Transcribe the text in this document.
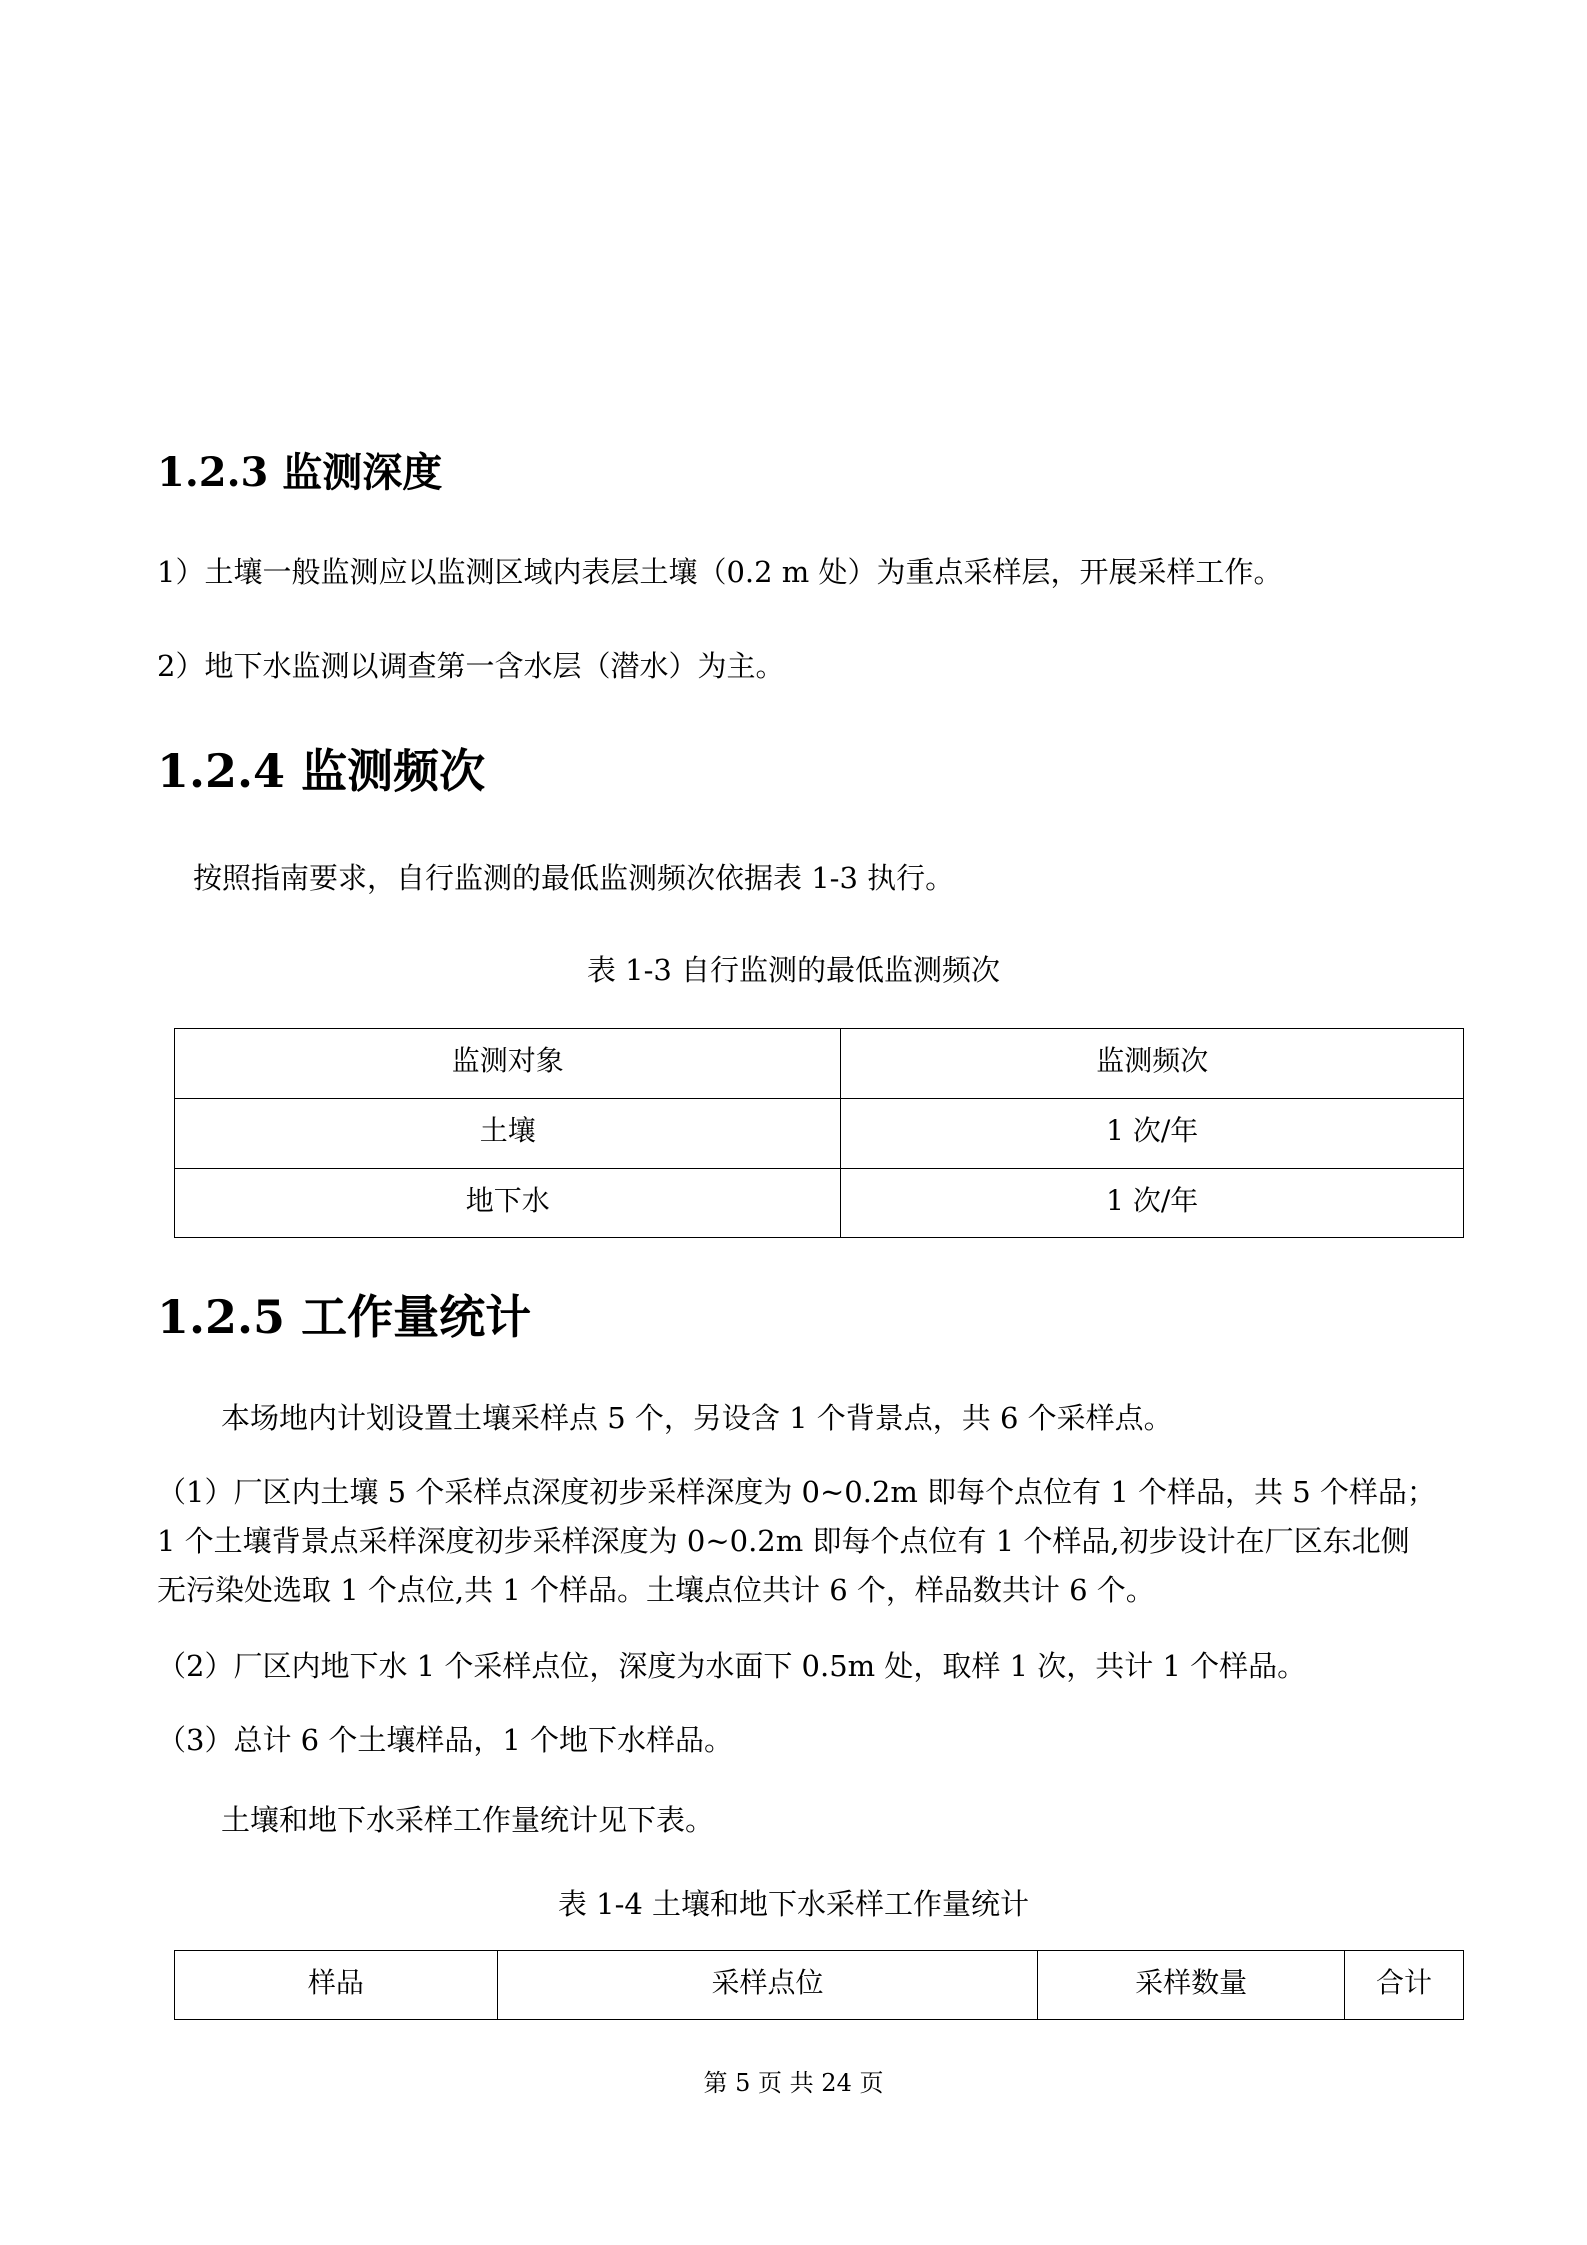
1.2.3 监测深度

1）土壤一般监测应以监测区域内表层土壤（0.2 m 处）为重点采样层，开展采样工作。

2）地下水监测以调查第一含水层（潜水）为主。

1.2.4 监测频次

按照指南要求，自行监测的最低监测频次依据表 1-3 执行。

表 1-3 自行监测的最低监测频次

监测对象	监测频次
土壤	1 次/年
地下水	1 次/年
1.2.5 工作量统计

本场地内计划设置土壤采样点 5 个，另设含 1 个背景点，共 6 个采样点。

（1）厂区内土壤 5 个采样点深度初步采样深度为 0~0.2m 即每个点位有 1 个样品，共 5 个样品；

1 个土壤背景点采样深度初步采样深度为 0~0.2m 即每个点位有 1 个样品,初步设计在厂区东北侧

无污染处选取 1 个点位,共 1 个样品。土壤点位共计 6 个，样品数共计 6 个。

（2）厂区内地下水 1 个采样点位，深度为水面下 0.5m 处，取样 1 次，共计 1 个样品。

（3）总计 6 个土壤样品，1 个地下水样品。

土壤和地下水采样工作量统计见下表。

表 1-4 土壤和地下水采样工作量统计

样品	采样点位	采样数量	合计

第 5 页 共 24 页
